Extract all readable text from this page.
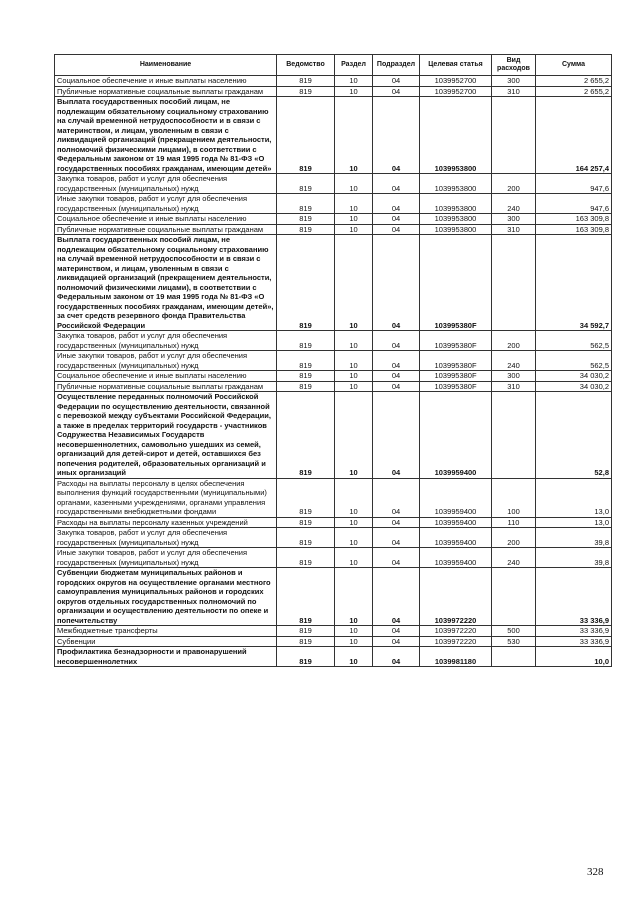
Наименование	Ведомство	Раздел	Подраздел	Целевая статья	Вид расходов	Сумма
Социальное обеспечение и иные выплаты населению	819	10	04	1039952700	300	2 655,2
Публичные нормативные социальные выплаты гражданам	819	10	04	1039952700	310	2 655,2
Выплата государственных пособий лицам, не подлежащим обязательному социальному страхованию на случай временной нетрудоспособности и в связи с материнством, и лицам, уволенным в связи с ликвидацией организаций (прекращением деятельности, полномочий физическими лицами), в соответствии с Федеральным законом от 19 мая 1995 года № 81-ФЗ «О государственных пособиях гражданам, имеющим детей»	819	10	04	1039953800		164 257,4
Закупка товаров, работ и услуг для обеспечения государственных (муниципальных) нужд	819	10	04	1039953800	200	947,6
Иные закупки товаров, работ и услуг для обеспечения государственных (муниципальных) нужд	819	10	04	1039953800	240	947,6
Социальное обеспечение и иные выплаты населению	819	10	04	1039953800	300	163 309,8
Публичные нормативные социальные выплаты гражданам	819	10	04	1039953800	310	163 309,8
Выплата государственных пособий лицам, не подлежащим обязательному социальному страхованию на случай временной нетрудоспособности и в связи с материнством, и лицам, уволенным в связи с ликвидацией организаций (прекращением деятельности, полномочий физическими лицами), в соответствии с Федеральным законом от 19 мая 1995 года № 81-ФЗ «О государственных пособиях гражданам, имеющим детей», за счет средств резервного фонда Правительства Российской Федерации	819	10	04	103995380F		34 592,7
Закупка товаров, работ и услуг для обеспечения государственных (муниципальных) нужд	819	10	04	103995380F	200	562,5
Иные закупки товаров, работ и услуг для обеспечения государственных (муниципальных) нужд	819	10	04	103995380F	240	562,5
Социальное обеспечение и иные выплаты населению	819	10	04	103995380F	300	34 030,2
Публичные нормативные социальные выплаты гражданам	819	10	04	103995380F	310	34 030,2
Осуществление переданных полномочий Российской Федерации по осуществлению деятельности, связанной с перевозкой между субъектами Российской Федерации, а также в пределах территорий государств - участников Содружества Независимых Государств несовершеннолетних, самовольно ушедших из семей, организаций для детей-сирот и детей, оставшихся без попечения родителей, образовательных организаций и иных организаций	819	10	04	1039959400		52,8
Расходы на выплаты персоналу в целях обеспечения выполнения функций государственными (муниципальными) органами, казенными учреждениями, органами управления государственными внебюджетными фондами	819	10	04	1039959400	100	13,0
Расходы на выплаты персоналу казенных учреждений	819	10	04	1039959400	110	13,0
Закупка товаров, работ и услуг для обеспечения государственных (муниципальных) нужд	819	10	04	1039959400	200	39,8
Иные закупки товаров, работ и услуг для обеспечения государственных (муниципальных) нужд	819	10	04	1039959400	240	39,8
Субвенции бюджетам муниципальных районов и городских округов на осуществление органами местного самоуправления муниципальных районов и городских округов отдельных государственных полномочий по организации и осуществлению деятельности по опеке и попечительству	819	10	04	1039972220		33 336,9
Межбюджетные трансферты	819	10	04	1039972220	500	33 336,9
Субвенции	819	10	04	1039972220	530	33 336,9
Профилактика безнадзорности и правонарушений несовершеннолетних	819	10	04	1039981180		10,0
328
